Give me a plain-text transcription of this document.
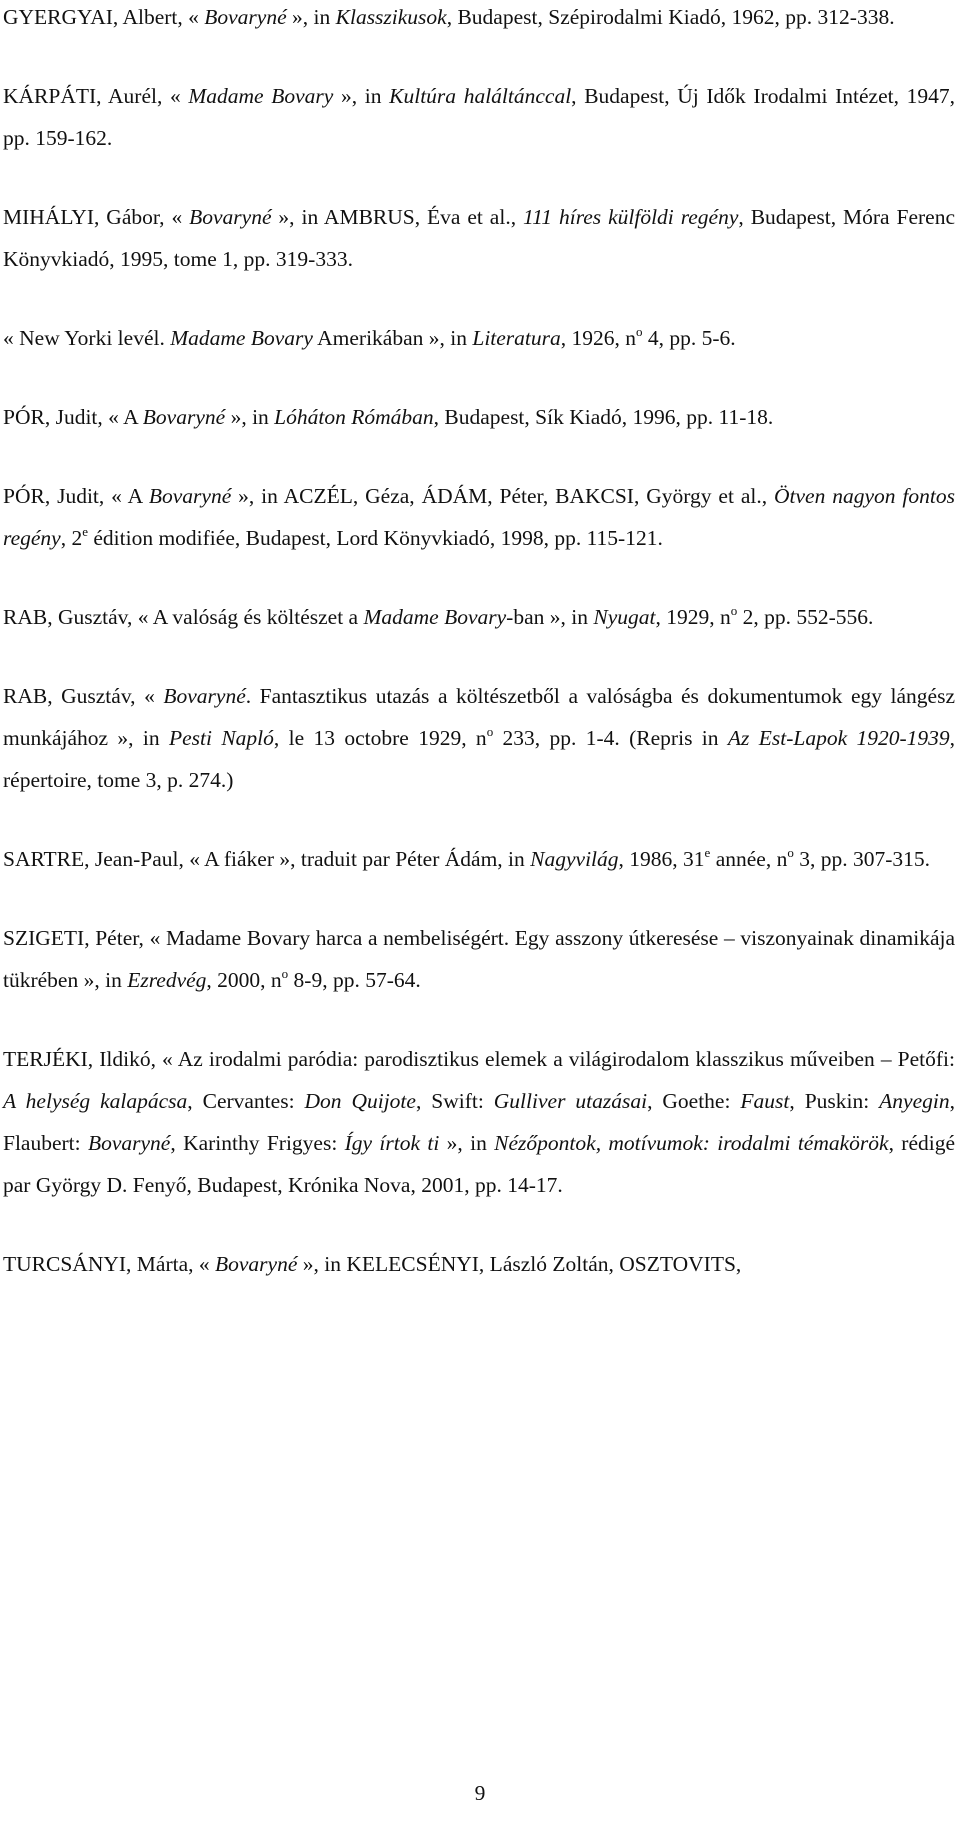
GYERGYAI, Albert, « Bovaryné », in Klasszikusok, Budapest, Szépirodalmi Kiadó, 1962, pp. 312-338.
KÁRPÁTI, Aurél, « Madame Bovary », in Kultúra haláltánccal, Budapest, Új Idők Irodalmi Intézet, 1947, pp. 159-162.
MIHÁLYI, Gábor, « Bovaryné », in AMBRUS, Éva et al., 111 híres külföldi regény, Budapest, Móra Ferenc Könyvkiadó, 1995, tome 1, pp. 319-333.
« New Yorki levél. Madame Bovary Amerikában », in Literatura, 1926, $n^o$ 4, pp. 5-6.
PÓR, Judit, « A Bovaryné », in Lóháton Rómában, Budapest, Sík Kiadó, 1996, pp. 11-18.
PÓR, Judit, « A Bovaryné », in ACZÉL, Géza, ÁDÁM, Péter, BAKCSI, György et al., Ötven nagyon fontos regény, 2e édition modifiée, Budapest, Lord Könyvkiadó, 1998, pp. 115-121.
RAB, Gusztáv, « A valóság és költészet a Madame Bovary-ban », in Nyugat, 1929, $n^o$ 2, pp. 552-556.
RAB, Gusztáv, « Bovaryné. Fantasztikus utazás a költészetből a valóságba és dokumentumok egy lángész munkájához », in Pesti Napló, le 13 octobre 1929, $n^o$ 233, pp. 1-4. (Repris in Az Est-Lapok 1920-1939, répertoire, tome 3, p. 274.)
SARTRE, Jean-Paul, « A fiáker », traduit par Péter Ádám, in Nagyvilág, 1986, 31e année, $n^o$ 3, pp. 307-315.
SZIGETI, Péter, « Madame Bovary harca a nembeliségért. Egy asszony útkeresése – viszonyainak dinamikája tükrében », in Ezredvég, 2000, $n^o$ 8-9, pp. 57-64.
TERJÉKI, Ildikó, « Az irodalmi paródia: parodisztikus elemek a világirodalom klasszikus műveiben – Petőfi: A helység kalapácsa, Cervantes: Don Quijote, Swift: Gulliver utazásai, Goethe: Faust, Puskin: Anyegin, Flaubert: Bovaryné, Karinthy Frigyes: Így írtok ti », in Nézőpontok, motívumok: irodalmi témakörök, rédigé par György D. Fenyő, Budapest, Krónika Nova, 2001, pp. 14-17.
TURCSÁNYI, Márta, « Bovaryné », in KELECSÉNYI, László Zoltán, OSZTOVITS,
9
